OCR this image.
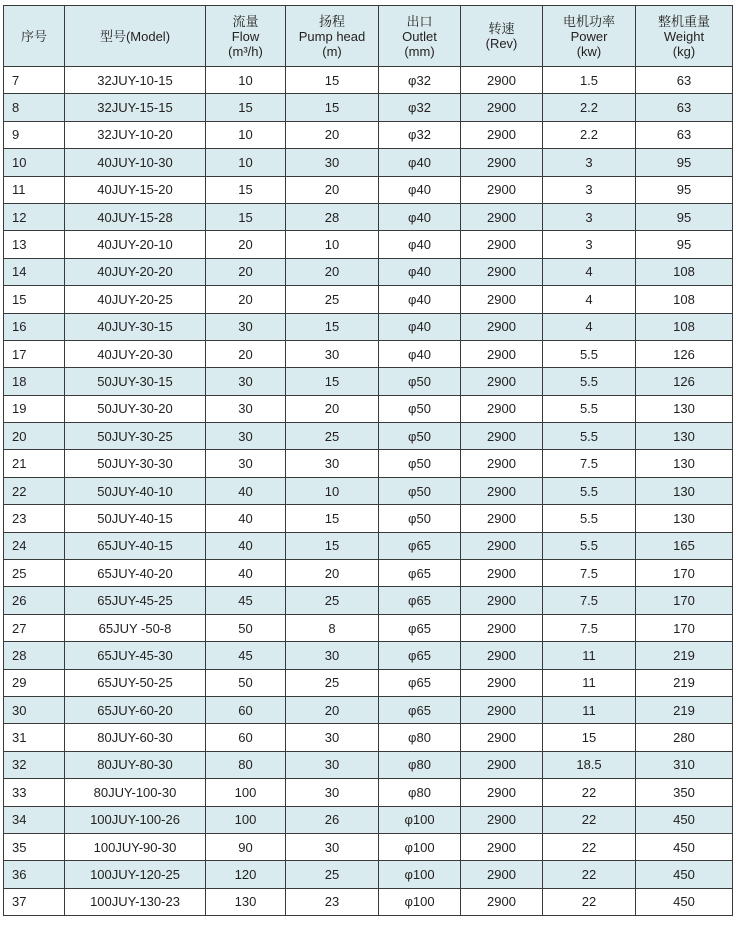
序号	型号(Model)	流量
Flow
(m³/h)	扬程
Pump head
(m)	出口
Outlet
(mm)	转速
(Rev)	电机功率
Power
(kw)	整机重量
Weight
(kg)

7	32JUY-10-15	10	15	φ32	2900	1.5	63
8	32JUY-15-15	15	15	φ32	2900	2.2	63
9	32JUY-10-20	10	20	φ32	2900	2.2	63
10	40JUY-10-30	10	30	φ40	2900	3	95
11	40JUY-15-20	15	20	φ40	2900	3	95
12	40JUY-15-28	15	28	φ40	2900	3	95
13	40JUY-20-10	20	10	φ40	2900	3	95
14	40JUY-20-20	20	20	φ40	2900	4	108
15	40JUY-20-25	20	25	φ40	2900	4	108
16	40JUY-30-15	30	15	φ40	2900	4	108
17	40JUY-20-30	20	30	φ40	2900	5.5	126
18	50JUY-30-15	30	15	φ50	2900	5.5	126
19	50JUY-30-20	30	20	φ50	2900	5.5	130
20	50JUY-30-25	30	25	φ50	2900	5.5	130
21	50JUY-30-30	30	30	φ50	2900	7.5	130
22	50JUY-40-10	40	10	φ50	2900	5.5	130
23	50JUY-40-15	40	15	φ50	2900	5.5	130
24	65JUY-40-15	40	15	φ65	2900	5.5	165
25	65JUY-40-20	40	20	φ65	2900	7.5	170
26	65JUY-45-25	45	25	φ65	2900	7.5	170
27	65JUY -50-8	50	8	φ65	2900	7.5	170
28	65JUY-45-30	45	30	φ65	2900	11	219
29	65JUY-50-25	50	25	φ65	2900	11	219
30	65JUY-60-20	60	20	φ65	2900	11	219
31	80JUY-60-30	60	30	φ80	2900	15	280
32	80JUY-80-30	80	30	φ80	2900	18.5	310
33	80JUY-100-30	100	30	φ80	2900	22	350
34	100JUY-100-26	100	26	φ100	2900	22	450
35	100JUY-90-30	90	30	φ100	2900	22	450
36	100JUY-120-25	120	25	φ100	2900	22	450
37	100JUY-130-23	130	23	φ100	2900	22	450
